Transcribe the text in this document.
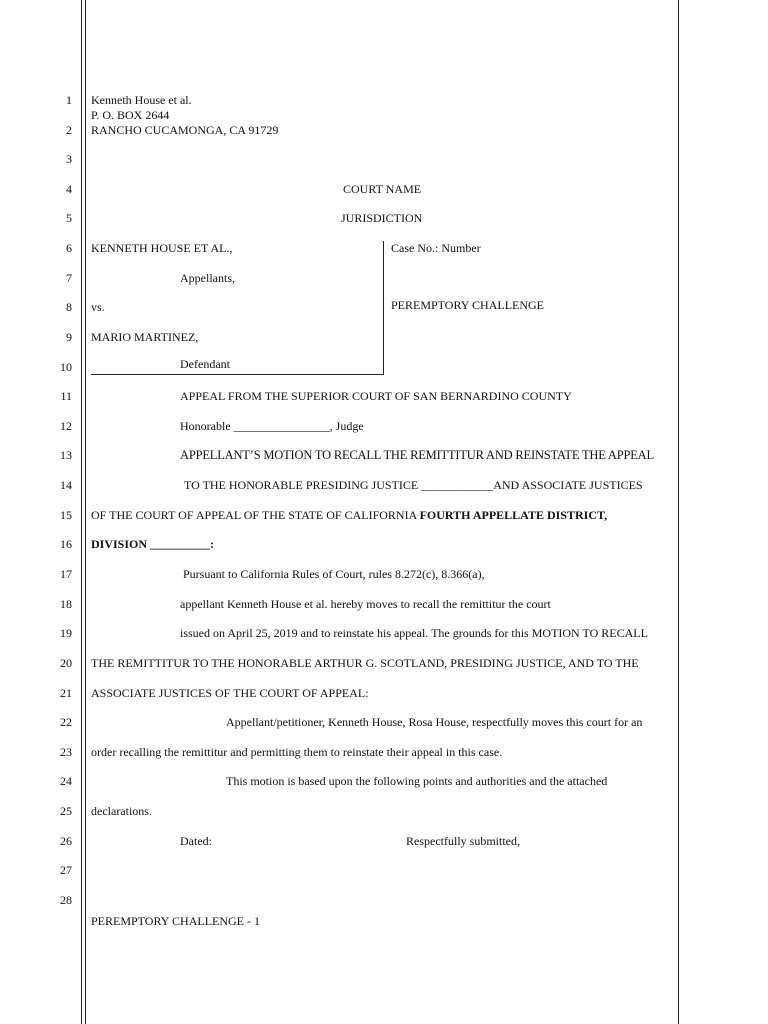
1
2
3
4
5
6
7
8
9
10
11
12
13
14
15
16
17
18
19
20
21
22
23
24
25
26
27
28
Kenneth House et al.
P. O. BOX 2644
RANCHO CUCAMONGA, CA 91729
COURT NAME
JURISDICTION
KENNETH HOUSE ET AL.,
Appellants,
vs.
MARIO MARTINEZ,
Defendant
Case No.: Number
PEREMPTORY CHALLENGE
APPEAL FROM THE SUPERIOR COURT OF SAN BERNARDINO COUNTY
Honorable ________________, Judge
APPELLANT’S MOTION TO RECALL THE REMITTITUR AND REINSTATE THE APPEAL
TO THE HONORABLE PRESIDING JUSTICE ____________AND ASSOCIATE JUSTICES
OF THE COURT OF APPEAL OF THE STATE OF CALIFORNIA FOURTH APPELLATE DISTRICT,
DIVISION __________:
Pursuant to California Rules of Court, rules 8.272(c), 8.366(a),
appellant Kenneth House et al. hereby moves to recall the remittitur the court
issued on April 25, 2019 and to reinstate his appeal. The grounds for this MOTION TO RECALL
THE REMITTITUR TO THE HONORABLE ARTHUR G. SCOTLAND, PRESIDING JUSTICE, AND TO THE
ASSOCIATE JUSTICES OF THE COURT OF APPEAL:
Appellant/petitioner, Kenneth House, Rosa House, respectfully moves this court for an
order recalling the remittitur and permitting them to reinstate their appeal in this case.
This motion is based upon the following points and authorities and the attached
declarations.
Dated:	Respectfully submitted,
PEREMPTORY CHALLENGE - 1
